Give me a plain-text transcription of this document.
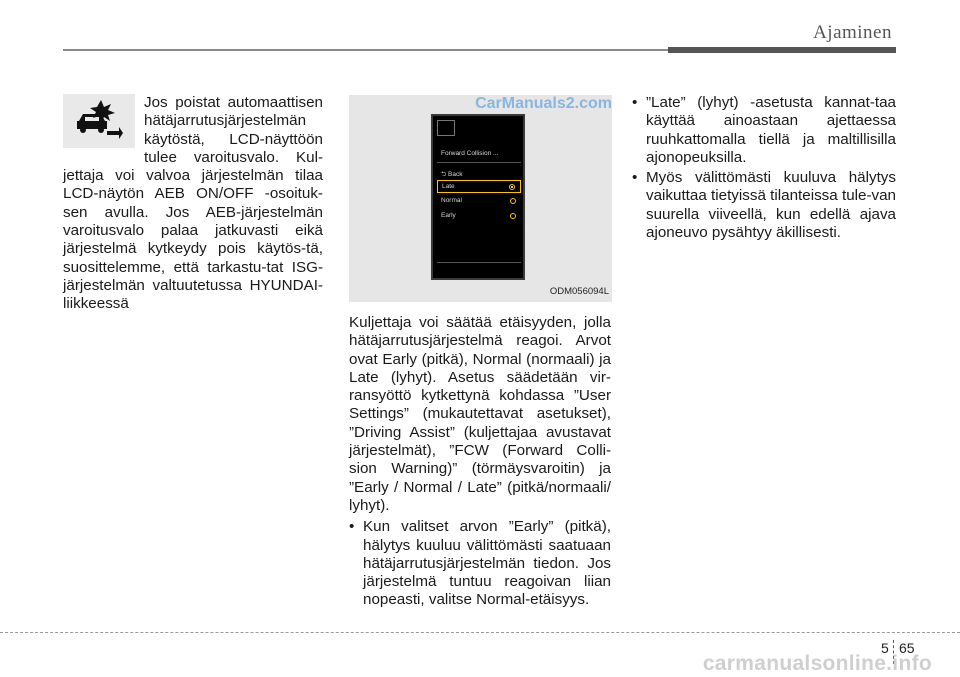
Ajaminen

Jos poistat automaattisen hätäjarrutusjärjestelmän käytöstä, LCD-näyttöön tulee varoitusvalo. Kul-jettaja voi valvoa järjestelmän tilaa LCD-näytön AEB ON/OFF -osoituk-sen avulla. Jos AEB-järjestelmän varoitusvalo palaa jatkuvasti eikä järjestelmä kytkeydy pois käytös-tä, suosittelemme, että tarkastu-tat ISG-järjestelmän valtuutetussa HYUNDAI-liikkeessä

CarManuals2.com
Forward Collision ...
⮌ Back
Late
Normal
Early
ODM056094L

Kuljettaja voi säätää etäisyyden, jolla hätäjarrutusjärjestelmä reagoi. Arvot ovat Early (pitkä), Normal (normaali) ja Late (lyhyt). Asetus säädetään vir-ransyöttö kytkettynä kohdassa ”User Settings” (mukautettavat asetukset), ”Driving Assist” (kuljettajaa avustavat järjestelmät), ”FCW (Forward Colli-sion Warning)” (törmäysvaroitin) ja ”Early / Normal / Late” (pitkä/normaali/ lyhyt).

• Kun valitset arvon ”Early” (pitkä), hälytys kuuluu välittömästi saatuaan hätäjarrutusjärjestelmän tiedon. Jos järjestelmä tuntuu reagoivan liian nopeasti, valitse Normal-etäisyys.
• ”Late” (lyhyt) -asetusta kannat-taa käyttää ainoastaan ajettaessa ruuhkattomalla tiellä ja maltillisilla ajonopeuksilla.
• Myös välittömästi kuuluva hälytys vaikuttaa tietyissä tilanteissa tule-van suurella viiveellä, kun edellä ajava ajoneuvo pysähtyy äkillisesti.
5 65
carmanualsonline.info
